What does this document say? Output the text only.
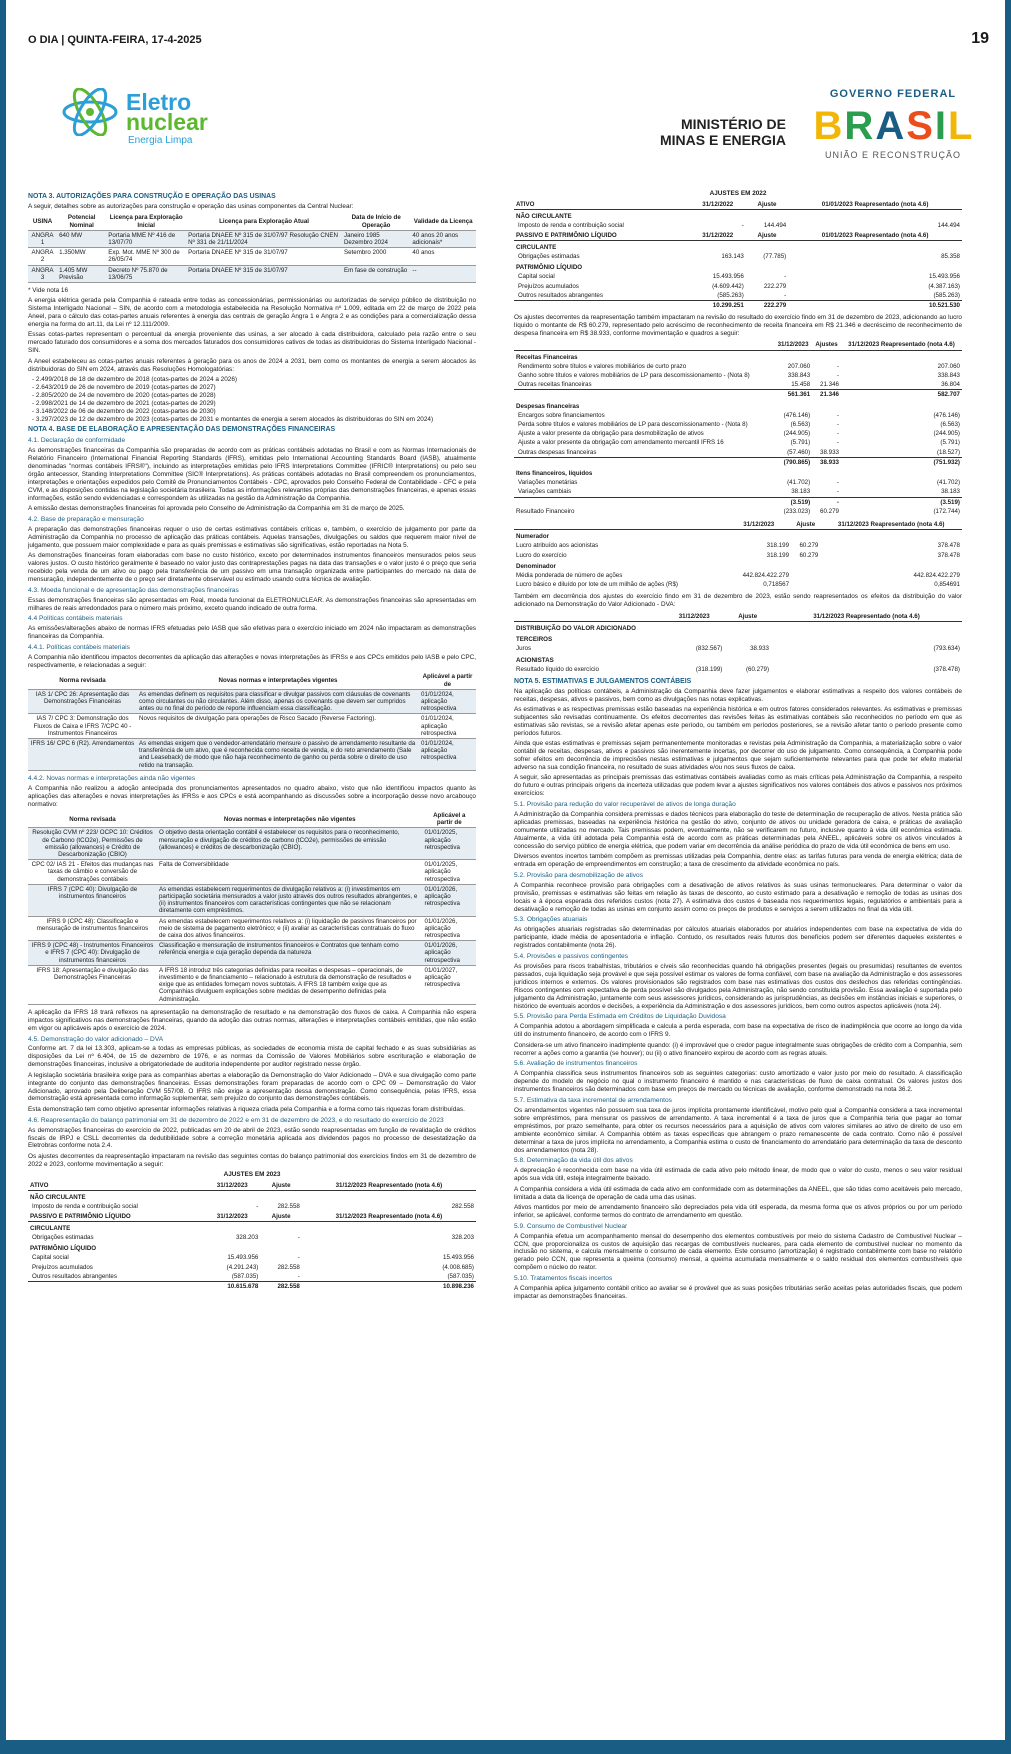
O DIA | QUINTA-FEIRA, 17-4-2025	19
Eletro
nuclear
Energia Limpa
MINISTÉRIO DE
MINAS E ENERGIA
GOVERNO FEDERAL
B R A S I L
UNIÃO E RECONSTRUÇÃO
NOTA 3. AUTORIZAÇÕES PARA CONSTRUÇÃO E OPERAÇÃO DAS USINAS

A seguir, detalhes sobre as autorizações para construção e operação das usinas componentes da Central Nuclear:

USINA	Potencial Nominal	Licença para Exploração Inicial	Licença para Exploração Atual	Data de Início de Operação	Validade da Licença
ANGRA 1	640 MW	Portaria MME Nº 416 de 13/07/70	Portaria DNAEE Nº 315 de 31/07/97 Resolução CNEN Nº 331 de 21/11/2024	Janeiro 1985 Dezembro 2024	40 anos 20 anos adicionais*
ANGRA 2	1.350MW	Exp. Mot. MME Nº 300 de 26/05/74	Portaria DNAEE Nº 315 de 31/07/97	Setembro 2000	40 anos
ANGRA 3	1.405 MW Previsão	Decreto Nº 75.870 de 13/06/75	Portaria DNAEE Nº 315 de 31/07/97	Em fase de construção	--

* Vide nota 16

A energia elétrica gerada pela Companhia é rateada entre todas as concessionárias, permissionárias ou autorizadas de serviço público de distribuição no Sistema Interligado Nacional – SIN, de acordo com a metodologia estabelecida na Resolução Normativa nº 1.009, editada em 22 de março de 2022 pela Aneel, para o cálculo das cotas-partes anuais referentes à energia das centrais de geração Angra 1 e Angra 2 e as condições para a comercialização dessa energia na forma do art.11, da Lei nº 12.111/2009.

Essas cotas-partes representam o percentual da energia proveniente das usinas, a ser alocado à cada distribuidora, calculado pela razão entre o seu mercado faturado dos consumidores e a soma dos mercados faturados dos consumidores cativos de todas as distribuidoras do Sistema Interligado Nacional - SIN.

A Aneel estabeleceu as cotas-partes anuais referentes à geração para os anos de 2024 a 2031, bem como os montantes de energia a serem alocados às distribuidoras do SIN em 2024, através das Resoluções Homologatórias:

- 2.499/2018 de 18 de dezembro de 2018 (cotas-partes de 2024 a 2026)
- 2.643/2019 de 26 de novembro de 2019 (cotas-partes de 2027)
- 2.805/2020 de 24 de novembro de 2020 (cotas-partes de 2028)
- 2.998/2021 de 14 de dezembro de 2021 (cotas-partes de 2029)
- 3.148/2022 de 06 de dezembro de 2022 (cotas-partes de 2030)
- 3.297/2023 de 12 de dezembro de 2023 (cotas-partes de 2031 e montantes de energia a serem alocados às distribuidoras do SIN em 2024)
NOTA 4. BASE DE ELABORAÇÃO E APRESENTAÇÃO DAS DEMONSTRAÇÕES FINANCEIRAS
4.1. Declaração de conformidade

As demonstrações financeiras da Companhia são preparadas de acordo com as práticas contábeis adotadas no Brasil e com as Normas Internacionais de Relatório Financeiro (International Financial Reporting Standards (IFRS), emitidas pelo International Accounting Standards Board (IASB), atualmente denominadas "normas contábeis IFRS®"), incluindo as interpretações emitidas pelo IFRS Interpretations Committee (IFRIC® Interpretations) ou pelo seu órgão antecessor, Standing Interpretations Committee (SIC® Interpretations). As práticas contábeis adotadas no Brasil compreendem os pronunciamentos, interpretações e orientações expedidos pelo Comitê de Pronunciamentos Contábeis - CPC, aprovados pelo Conselho Federal de Contabilidade - CFC e pela CVM, e as disposições contidas na legislação societária brasileira. Todas as informações relevantes próprias das demonstrações financeiras, e apenas essas informações, estão sendo evidenciadas e correspondem às utilizadas na gestão da Administração da Companhia.

A emissão destas demonstrações financeiras foi aprovada pelo Conselho de Administração da Companhia em 31 de março de 2025.

4.2. Base de preparação e mensuração

A preparação das demonstrações financeiras requer o uso de certas estimativas contábeis críticas e, também, o exercício de julgamento por parte da Administração da Companhia no processo de aplicação das práticas contábeis. Aquelas transações, divulgações ou saldos que requerem maior nível de julgamento, que possuem maior complexidade e para as quais premissas e estimativas são significativas, estão reportadas na Nota 5.

As demonstrações financeiras foram elaboradas com base no custo histórico, exceto por determinados instrumentos financeiros mensurados pelos seus valores justos. O custo histórico geralmente é baseado no valor justo das contraprestações pagas na data das transações e o valor justo é o preço que seria recebido pela venda de um ativo ou pago pela transferência de um passivo em uma transação organizada entre participantes do mercado na data de mensuração, independentemente de o preço ser diretamente observável ou estimado usando outra técnica de avaliação.

4.3. Moeda funcional e de apresentação das demonstrações financeiras

Essas demonstrações financeiras são apresentadas em Real, moeda funcional da ELETRONUCLEAR. As demonstrações financeiras são apresentadas em milhares de reais arredondados para o número mais próximo, exceto quando indicado de outra forma.

4.4 Políticas contábeis materiais

As emissões/alterações abaixo de normas IFRS efetuadas pelo IASB que são efetivas para o exercício iniciado em 2024 não impactaram as demonstrações financeiras da Companhia.

4.4.1. Políticas contábeis materiais

A Companhia não identificou impactos decorrentes da aplicação das alterações e novas interpretações às IFRSs e aos CPCs emitidos pelo IASB e pelo CPC, respectivamente, e relacionadas a seguir:

Norma revisada	Novas normas e interpretações vigentes	Aplicável a partir de
IAS 1/ CPC 26: Apresentação das Demonstrações Financeiras	As emendas definem os requisitos para classificar e divulgar passivos com cláusulas de covenants como circulantes ou não circulantes. Além disso, apenas os covenants que devem ser cumpridos antes ou no final do período de reporte influenciam essa classificação.	01/01/2024, aplicação retrospectiva
IAS 7/ CPC 3: Demonstração dos Fluxos de Caixa e IFRS 7/CPC 40 - Instrumentos Financeiros	Novos requisitos de divulgação para operações de Risco Sacado (Reverse Factoring).	01/01/2024, aplicação retrospectiva
IFRS 16/ CPC 6 (R2). Arrendamentos	As emendas exigem que o vendedor-arrendatário mensure o passivo de arrendamento resultante da transferência de um ativo, que é reconhecida como receita de venda, e do reto arrendamento (Sale and Leaseback) de modo que não haja reconhecimento de ganho ou perda sobre o direito de uso retido na transação.	01/01/2024, aplicação retrospectiva
4.4.2. Novas normas e interpretações ainda não vigentes

A Companhia não realizou a adoção antecipada dos pronunciamentos apresentados no quadro abaixo, visto que não identificou impactos quanto às aplicações das alterações e novas interpretações às IFRSs e aos CPCs e está acompanhando as discussões sobre a incorporação desse novo arcabouço normativo:

Norma revisada	Novas normas e interpretações não vigentes	Aplicável a partir de
Resolução CVM nº 223/ OCPC 10: Créditos de Carbono (tCO2e), Permissões de emissão (allowances) e Crédito de Descarbonização (CBIO)	O objetivo desta orientação contábil é estabelecer os requisitos para o reconhecimento, mensuração e divulgação de créditos de carbono (tCO2e), permissões de emissão (allowances) e créditos de descarbonização (CBIO).	01/01/2025, aplicação retrospectiva
CPC 02/ IAS 21 - Efeitos das mudanças nas taxas de câmbio e conversão de demonstrações contábeis	Falta de Conversibilidade	01/01/2025, aplicação retrospectiva
IFRS 7 (CPC 40): Divulgação de instrumentos financeiros	As emendas estabelecem requerimentos de divulgação relativos a: (i) investimentos em participação societária mensurados a valor justo através dos outros resultados abrangentes, e (ii) instrumentos financeiros com características contingentes que não se relacionam diretamente com empréstimos.	01/01/2026, aplicação retrospectiva
IFRS 9 (CPC 48): Classificação e mensuração de instrumentos financeiros	As emendas estabelecem requerimentos relativos a: (i) liquidação de passivos financeiros por meio de sistema de pagamento eletrônico; e (ii) avaliar as características contratuais do fluxo de caixa dos ativos financeiros.	01/01/2026, aplicação retrospectiva
IFRS 9 (CPC 48) - Instrumentos Financeiros e IFRS 7 (CPC 40): Divulgação de instrumentos financeiros	Classificação e mensuração de instrumentos financeiros e Contratos que tenham como referência energia e cuja geração dependa da natureza	01/01/2026, aplicação retrospectiva
IFRS 18: Apresentação e divulgação das Demonstrações Financeiras	A IFRS 18 introduz três categorias definidas para receitas e despesas – operacionais, de investimento e de financiamento – relacionado à estrutura da demonstração de resultados e exige que as entidades forneçam novos subtotais. A IFRS 18 também exige que as Companhias divulguem explicações sobre medidas de desempenho definidas pela Administração.	01/01/2027, aplicação retrospectiva

A aplicação da IFRS 18 trará reflexos na apresentação na demonstração de resultado e na demonstração dos fluxos de caixa. A Companhia não espera impactos significativos nas demonstrações financeiras, quando da adoção das outras normas, alterações e interpretações contábeis emitidas, que não estão em vigor ou aplicáveis após o exercício de 2024.

4.5. Demonstração do valor adicionado – DVA

Conforme art. 7 da lei 13.303, aplicam-se a todas as empresas públicas, as sociedades de economia mista de capital fechado e as suas subsidiárias as disposições da Lei nº 6.404, de 15 de dezembro de 1976, e as normas da Comissão de Valores Mobiliários sobre escrituração e elaboração de demonstrações financeiras, inclusive a obrigatoriedade de auditoria independente por auditor registrado nesse órgão.

A legislação societária brasileira exige para as companhias abertas a elaboração da Demonstração do Valor Adicionado – DVA e sua divulgação como parte integrante do conjunto das demonstrações financeiras. Essas demonstrações foram preparadas de acordo com o CPC 09 – Demonstração do Valor Adicionado, aprovado pela Deliberação CVM 557/08. O IFRS não exige a apresentação dessa demonstração. Como consequência, pelas IFRS, essa demonstração está apresentada como informação suplementar, sem prejuízo do conjunto das demonstrações contábeis.

Esta demonstração tem como objetivo apresentar informações relativas à riqueza criada pela Companhia e a forma como tais riquezas foram distribuídas.

4.6. Reapresentação do balanço patrimonial em 31 de dezembro de 2022 e em 31 de dezembro de 2023, e do resultado do exercício de 2023

As demonstrações financeiras do exercício de 2022, publicadas em 20 de abril de 2023, estão sendo reapresentadas em função de revalidação de créditos fiscais de IRPJ e CSLL decorrentes da dedutibilidade sobre a correção monetária aplicada aos dividendos pagos no processo de desestatização da Eletrobras conforme nota 2.4.

Os ajustes decorrentes da reapresentação impactaram na revisão das seguintes contas do balanço patrimonial dos exercícios findos em 31 de dezembro de 2022 e 2023, conforme movimentação a seguir:

AJUSTES EM 2023
ATIVO	31/12/2023	Ajuste	31/12/2023 Reapresentado (nota 4.6)
NÃO CIRCULANTE			
Imposto de renda e contribuição social	-	282.558	282.558
PASSIVO E PATRIMÔNIO LÍQUIDO	31/12/2023	Ajuste	31/12/2023 Reapresentado (nota 4.6)
CIRCULANTE			
Obrigações estimadas	328.203	-	328.203
PATRIMÔNIO LÍQUIDO			
Capital social	15.493.956	-	15.493.956
Prejuízos acumulados	(4.291.243)	282.558	(4.008.685)
Outros resultados abrangentes	(587.035)	-	(587.035)
	10.615.678	282.558	10.898.236
AJUSTES EM 2022
ATIVO	31/12/2022	Ajuste	01/01/2023 Reapresentado (nota 4.6)
NÃO CIRCULANTE			
Imposto de renda e contribuição social	-	144.494	144.494
PASSIVO E PATRIMÔNIO LÍQUIDO	31/12/2022	Ajuste	01/01/2023 Reapresentado (nota 4.6)
CIRCULANTE			
Obrigações estimadas	163.143	(77.785)	85.358
PATRIMÔNIO LÍQUIDO			
Capital social	15.493.956	-	15.493.956
Prejuízos acumulados	(4.609.442)	222.279	(4.387.163)
Outros resultados abrangentes	(585.263)	-	(585.263)
	10.299.251	222.279	10.521.530

Os ajustes decorrentes da reapresentação também impactaram na revisão do resultado do exercício findo em 31 de dezembro de 2023, adicionando ao lucro líquido o montante de R$ 60.279, representado pelo acréscimo de reconhecimento de receita financeira em R$ 21.346 e decréscimo de reconhecimento de despesa financeira em R$ 38.933, conforme movimentação e quadros a seguir:

	31/12/2023	Ajustes	31/12/2023 Reapresentado (nota 4.6)
Receitas Financeiras			
Rendimento sobre títulos e valores mobiliários de curto prazo	207.060	-	207.060
Ganho sobre títulos e valores mobiliários de LP para descomissionamento - (Nota 8)	338.843	-	338.843
Outras receitas financeiras	15.458	21.346	36.804
	561.361	21.346	582.707
Despesas financeiras			
Encargos sobre financiamentos	(476.146)	-	(476.146)
Perda sobre títulos e valores mobiliários de LP para descomissionamento - (Nota 8)	(6.563)	-	(6.563)
Ajuste a valor presente da obrigação para desmobilização de ativos	(244.905)	-	(244.905)
Ajuste a valor presente da obrigação com arrendamento mercantil IFRS 16	(5.791)	-	(5.791)
Outras despesas financeiras	(57.460)	38.933	(18.527)
	(790.865)	38.933	(751.932)
Itens financeiros, líquidos			
Variações monetárias	(41.702)	-	(41.702)
Variações cambiais	38.183	-	38.183
	(3.519)	-	(3.519)
Resultado Financeiro	(233.023)	60.279	(172.744)
	31/12/2023	Ajuste	31/12/2023 Reapresentado (nota 4.6)
Numerador			
Lucro atribuído aos acionistas	318.199	60.279	378.478
Lucro do exercício	318.199	60.279	378.478
Denominador			
Média ponderada de número de ações	442.824.422.279		442.824.422.279
Lucro básico e diluído por lote de um milhão de ações (R$)	0,718567		0,854691

Também em decorrência dos ajustes do exercício findo em 31 de dezembro de 2023, estão sendo reapresentados os efeitos da distribuição do valor adicionado na Demonstração do Valor Adicionado - DVA:

	31/12/2023	Ajuste	31/12/2023 Reapresentado (nota 4.6)
DISTRIBUIÇÃO DO VALOR ADICIONADO			
TERCEIROS			
Juros	(832.567)	38.933	(793.634)
ACIONISTAS			
Resultado líquido do exercício	(318.199)	(60.279)	(378.478)
NOTA 5. ESTIMATIVAS E JULGAMENTOS CONTÁBEIS

Na aplicação das políticas contábeis, a Administração da Companhia deve fazer julgamentos e elaborar estimativas a respeito dos valores contábeis de receitas, despesas, ativos e passivos, bem como as divulgações nas notas explicativas.

As estimativas e as respectivas premissas estão baseadas na experiência histórica e em outros fatores considerados relevantes. As estimativas e premissas subjacentes são revisadas continuamente. Os efeitos decorrentes das revisões feitas às estimativas contábeis são reconhecidos no período em que as estimativas são revistas, se a revisão afetar apenas este período, ou também em períodos posteriores, se a revisão afetar tanto o período presente como períodos futuros.

Ainda que estas estimativas e premissas sejam permanentemente monitoradas e revistas pela Administração da Companhia, a materialização sobre o valor contábil de receitas, despesas, ativos e passivos são inerentemente incertas, por decorrer do uso de julgamento. Como consequência, a Companhia pode sofrer efeitos em decorrência de imprecisões nestas estimativas e julgamentos que sejam suficientemente relevantes para que pode ter efeito material adverso na sua condição financeira, no resultado de suas atividades e/ou nos seus fluxos de caixa.

A seguir, são apresentadas as principais premissas das estimativas contábeis avaliadas como as mais críticas pela Administração da Companhia, a respeito do futuro e outras principais origens da incerteza utilizadas que podem levar a ajustes significativos nos valores contábeis dos ativos e passivos nos próximos exercícios:

5.1. Provisão para redução do valor recuperável de ativos de longa duração

A Administração da Companhia considera premissas e dados técnicos para elaboração do teste de determinação de recuperação de ativos. Nesta prática são aplicadas premissas, baseadas na experiência histórica na gestão do ativo, conjunto de ativos ou unidade geradora de caixa, e práticas de avaliação comumente utilizadas no mercado. Tais premissas podem, eventualmente, não se verificarem no futuro, inclusive quanto à vida útil econômica estimada. Atualmente, a vida útil adotada pela Companhia está de acordo com as práticas determinadas pela ANEEL, aplicáveis sobre os ativos vinculados à concessão do serviço público de energia elétrica, que podem variar em decorrência da análise periódica do prazo de vida útil econômica de bens em uso.

Diversos eventos incertos também compõem as premissas utilizadas pela Companhia, dentre elas: as tarifas futuras para venda de energia elétrica; data de entrada em operação de empreendimentos em construção; a taxa de crescimento da atividade econômica no país.

5.2. Provisão para desmobilização de ativos

A Companhia reconhece provisão para obrigações com a desativação de ativos relativos às suas usinas termonucleares. Para determinar o valor da provisão, premissas e estimativas são feitas em relação às taxas de desconto, ao custo estimado para a desativação e remoção de todas as usinas dos locais e à época esperada dos referidos custos (nota 27). A estimativa dos custos é baseada nos requerimentos legais, regulatórios e ambientais para a desativação e remoção de todas as usinas em conjunto assim como os preços de produtos e serviços a serem utilizados no final da vida útil.

5.3. Obrigações atuariais

As obrigações atuariais registradas são determinadas por cálculos atuariais elaborados por atuários independentes com base na expectativa de vida do participante, idade média de aposentadoria e inflação. Contudo, os resultados reais futuros dos benefícios podem ser diferentes daqueles existentes e registrados contabilmente (nota 26).

5.4. Provisões e passivos contingentes

As provisões para riscos trabalhistas, tributários e cíveis são reconhecidas quando há obrigações presentes (legais ou presumidas) resultantes de eventos passados, cuja liquidação seja provável e que seja possível estimar os valores de forma confiável, com base na avaliação da Administração e dos assessores jurídicos internos e externos. Os valores provisionados são registrados com base nas estimativas dos custos dos desfechos das referidas contingências. Riscos contingentes com expectativa de perda possível são divulgados pela Administração, não sendo constituída provisão. Essa avaliação é suportada pelo julgamento da Administração, juntamente com seus assessores jurídicos, considerando as jurisprudências, as decisões em instâncias iniciais e superiores, o histórico de eventuais acordos e decisões, a experiência da Administração e dos assessores jurídicos, bem como outros aspectos aplicáveis (nota 24).

5.5. Provisão para Perda Estimada em Créditos de Liquidação Duvidosa

A Companhia adotou a abordagem simplificada e calcula a perda esperada, com base na expectativa de risco de inadimplência que ocorre ao longo da vida útil do instrumento financeiro, de acordo com o IFRS 9.

Considera-se um ativo financeiro inadimplente quando: (i) é improvável que o credor pague integralmente suas obrigações de crédito com a Companhia, sem recorrer a ações como a garantia (se houver); ou (ii) o ativo financeiro expirou de acordo com as regras atuais.

5.6. Avaliação de instrumentos financeiros

A Companhia classifica seus instrumentos financeiros sob as seguintes categorias: custo amortizado e valor justo por meio do resultado. A classificação depende do modelo de negócio no qual o instrumento financeiro é mantido e nas características de fluxo de caixa contratual. Os valores justos dos instrumentos financeiros são determinados com base em preços de mercado ou técnicas de avaliação, conforme demonstrado na nota 36.2.

5.7. Estimativa da taxa incremental de arrendamentos

Os arrendamentos vigentes não possuem sua taxa de juros implícita prontamente identificável, motivo pelo qual a Companhia considera a taxa incremental sobre empréstimos, para mensurar os passivos de arrendamento. A taxa incremental é a taxa de juros que a Companhia teria que pagar ao tomar empréstimos, por prazo semelhante, para obter os recursos necessários para a aquisição de ativos com valores similares ao ativo de direito de uso em ambiente econômico similar. A Companhia obtém as taxas específicas que abrangem o prazo remanescente de cada contrato. Como não é possível determinar a taxa de juros implícita no arrendamento, a Companhia estima o custo de financiamento do arrendatário para determinação da taxa de desconto dos arrendamentos (nota 28).

5.8. Determinação da vida útil dos ativos

A depreciação é reconhecida com base na vida útil estimada de cada ativo pelo método linear, de modo que o valor do custo, menos o seu valor residual após sua vida útil, esteja integralmente baixado.

A Companhia considera a vida útil estimada de cada ativo em conformidade com as determinações da ANEEL, que são tidas como aceitáveis pelo mercado, limitada a data da licença de operação de cada uma das usinas.

Ativos mantidos por meio de arrendamento financeiro são depreciados pela vida útil esperada, da mesma forma que os ativos próprios ou por um período inferior, se aplicável, conforme termos do contrato de arrendamento em questão.

5.9. Consumo de Combustível Nuclear

A Companhia efetua um acompanhamento mensal do desempenho dos elementos combustíveis por meio do sistema Cadastro de Combustível Nuclear – CCN, que proporcionaliza os custos de aquisição das recargas de combustíveis nucleares, para cada elemento de combustível nuclear no momento da inclusão no sistema, e calcula mensalmente o consumo de cada elemento. Este consumo (amortização) é registrado contabilmente com base no relatório gerado pelo CCN, que representa a queima (consumo) mensal, a queima acumulada mensalmente e o saldo residual dos elementos combustíveis que compõem o núcleo do reator.

5.10. Tratamentos fiscais incertos

A Companhia aplica julgamento contábil crítico ao avaliar se é provável que as suas posições tributárias serão aceitas pelas autoridades fiscais, que podem impactar as demonstrações financeiras.
